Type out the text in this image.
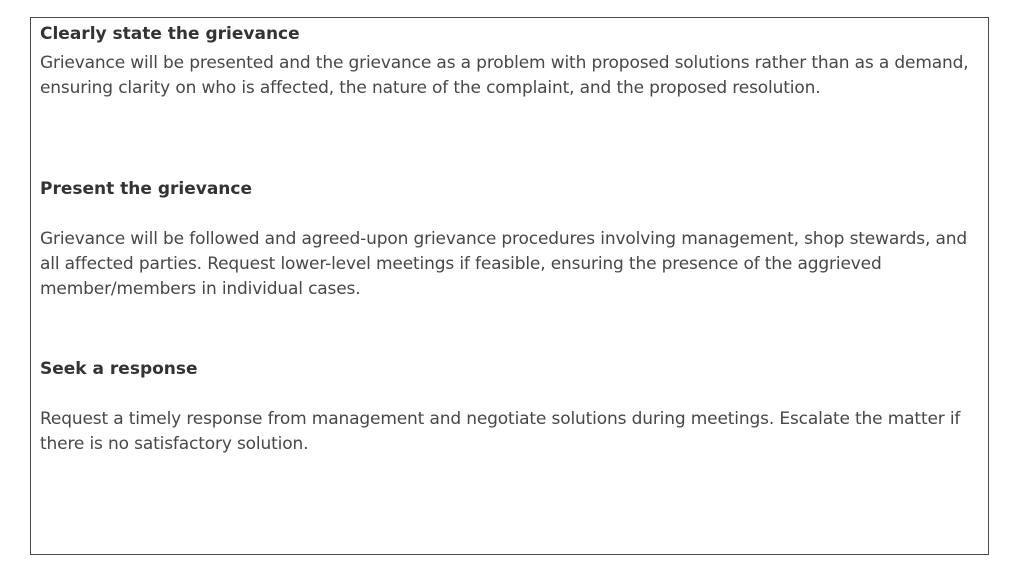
Clearly state the grievance

Grievance will be presented and the grievance as a problem with proposed solutions rather than as a demand, ensuring clarity on who is affected, the nature of the complaint, and the proposed resolution.

Present the grievance

Grievance will be followed and agreed-upon grievance procedures involving management, shop stewards, and all affected parties. Request lower-level meetings if feasible, ensuring the presence of the aggrieved member/members in individual cases.

Seek a response

Request a timely response from management and negotiate solutions during meetings. Escalate the matter if there is no satisfactory solution.
